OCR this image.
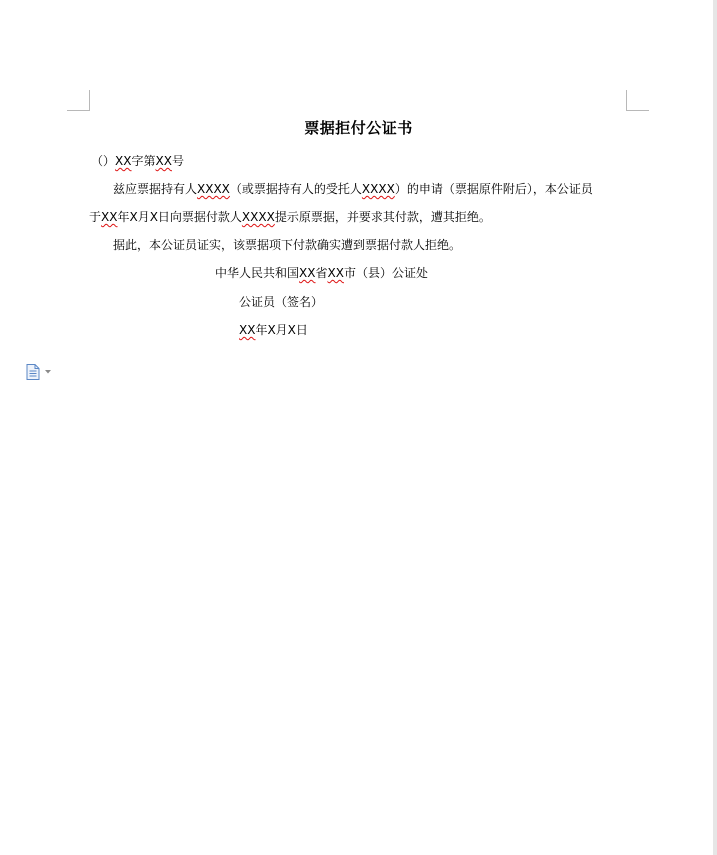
票据拒付公证书
（）XX字第XX号
兹应票据持有人XXXX（或票据持有人的受托人XXXX）的申请（票据原件附后），本公证员
于XX年X月X日向票据付款人XXXX提示原票据，并要求其付款，遭其拒绝。
据此，本公证员证实，该票据项下付款确实遭到票据付款人拒绝。
中华人民共和国XX省XX市（县）公证处
公证员（签名）
XX年X月X日
